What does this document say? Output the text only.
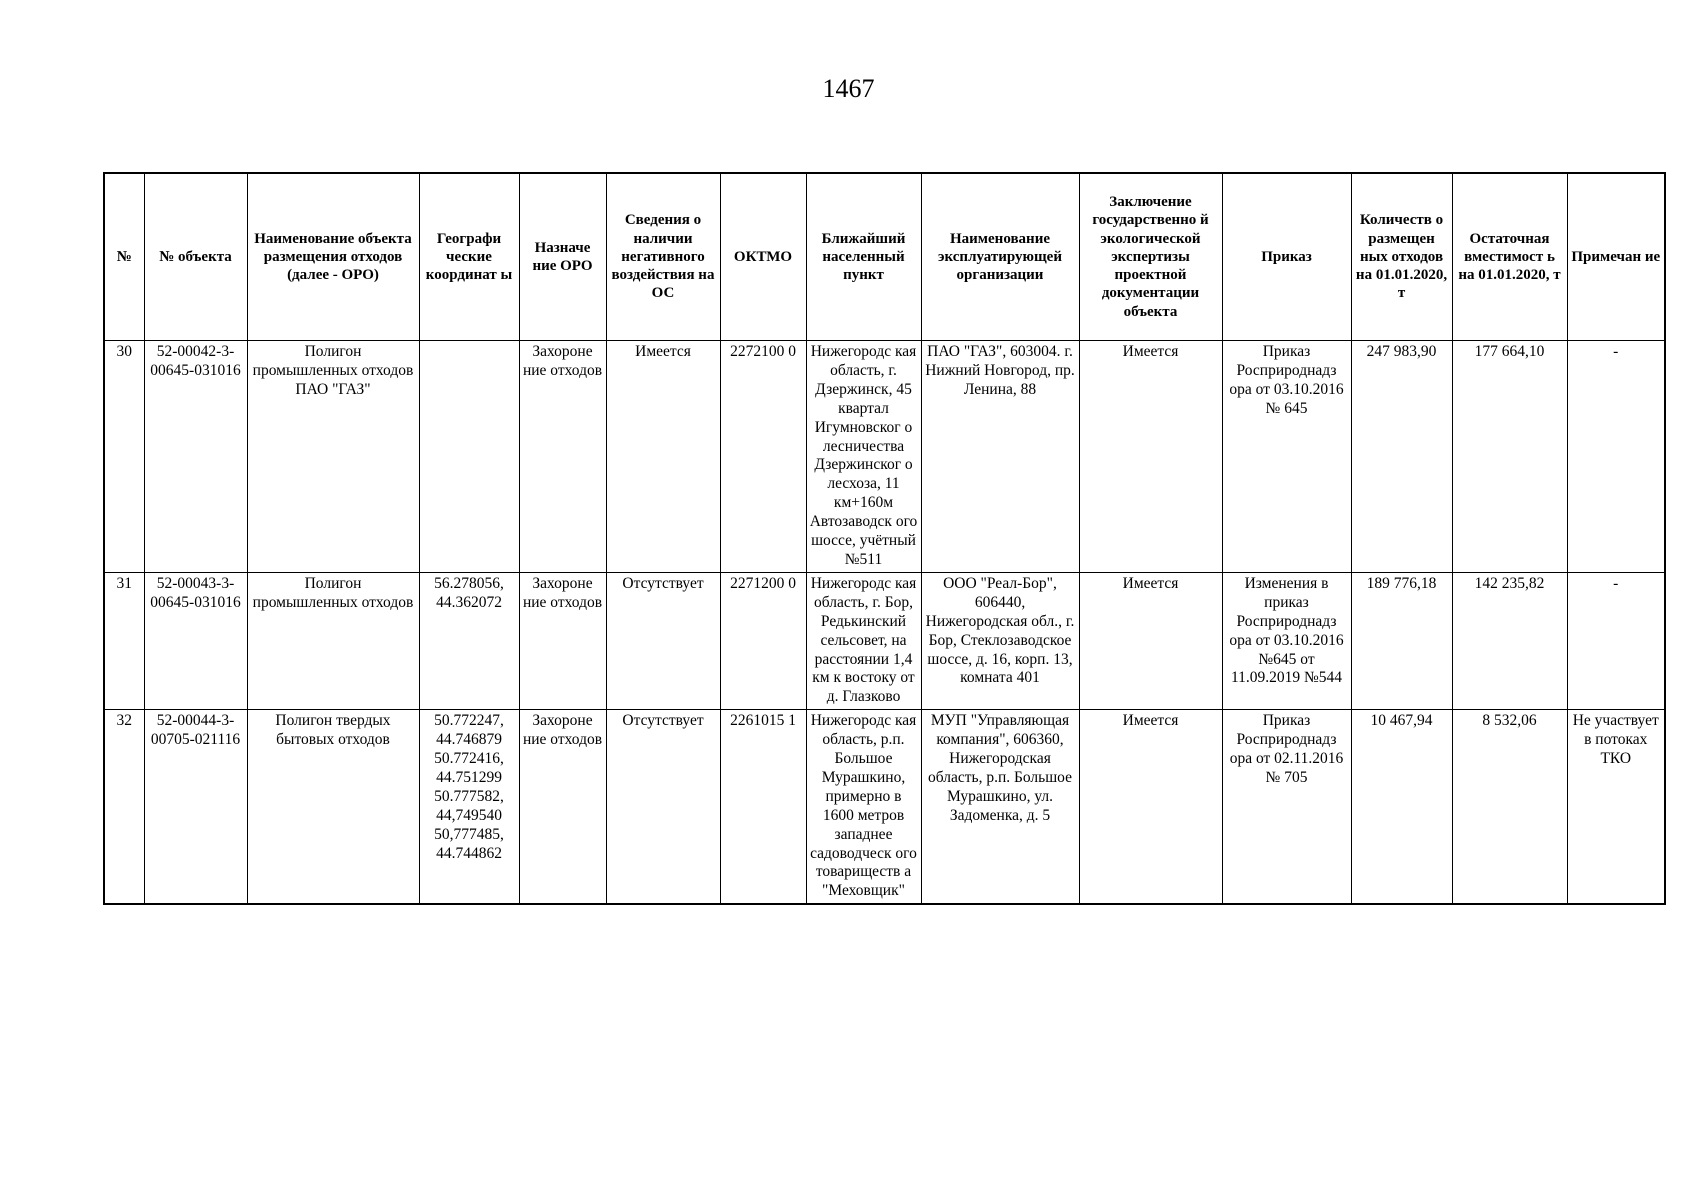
1467
№	№ объекта	Наименование объекта размещения отходов (далее - ОРО)	Географи ческие координат ы	Назначе ние ОРО	Сведения о наличии негативного воздействия на ОС	ОКТМО	Ближайший населенный пункт	Наименование эксплуатирующей организации	Заключение государственно й экологической экспертизы проектной документации объекта	Приказ	Количеств о размещен ных отходов на 01.01.2020, т	Остаточная вместимост ь на 01.01.2020, т	Примечан ие
30	52-00042-3-00645-031016	Полигон промышленных отходов ПАО "ГАЗ"		Захороне ние отходов	Имеется	2272100 0	Нижегородс кая область, г. Дзержинск, 45 квартал Игумновског о лесничества Дзержинског о лесхоза, 11 км+160м Автозаводск ого шоссе, учётный №511	ПАО "ГАЗ", 603004. г. Нижний Новгород, пр. Ленина, 88	Имеется	Приказ Росприроднадз ора от 03.10.2016 № 645	247 983,90	177 664,10	-
31	52-00043-3-00645-031016	Полигон промышленных отходов	56.278056, 44.362072	Захороне ние отходов	Отсутствует	2271200 0	Нижегородс кая область, г. Бор, Редькинский сельсовет, на расстоянии 1,4 км к востоку от д. Глазково	ООО "Реал-Бор", 606440, Нижегородская обл., г. Бор, Стеклозаводское шоссе, д. 16, корп. 13, комната 401	Имеется	Изменения в приказ Росприроднадз ора от 03.10.2016 №645 от 11.09.2019 №544	189 776,18	142 235,82	-
32	52-00044-3-00705-021116	Полигон твердых бытовых отходов	50.772247, 44.746879 50.772416, 44.751299 50.777582, 44,749540 50,777485, 44.744862	Захороне ние отходов	Отсутствует	2261015 1	Нижегородс кая область, р.п. Большое Мурашкино, примерно в 1600 метров западнее садоводческ ого товариществ а "Меховщик"	МУП "Управляющая компания", 606360, Нижегородская область, р.п. Большое Мурашкино, ул. Задоменка, д. 5	Имеется	Приказ Росприроднадз ора от 02.11.2016 № 705	10 467,94	8 532,06	Не участвует в потоках ТКО
